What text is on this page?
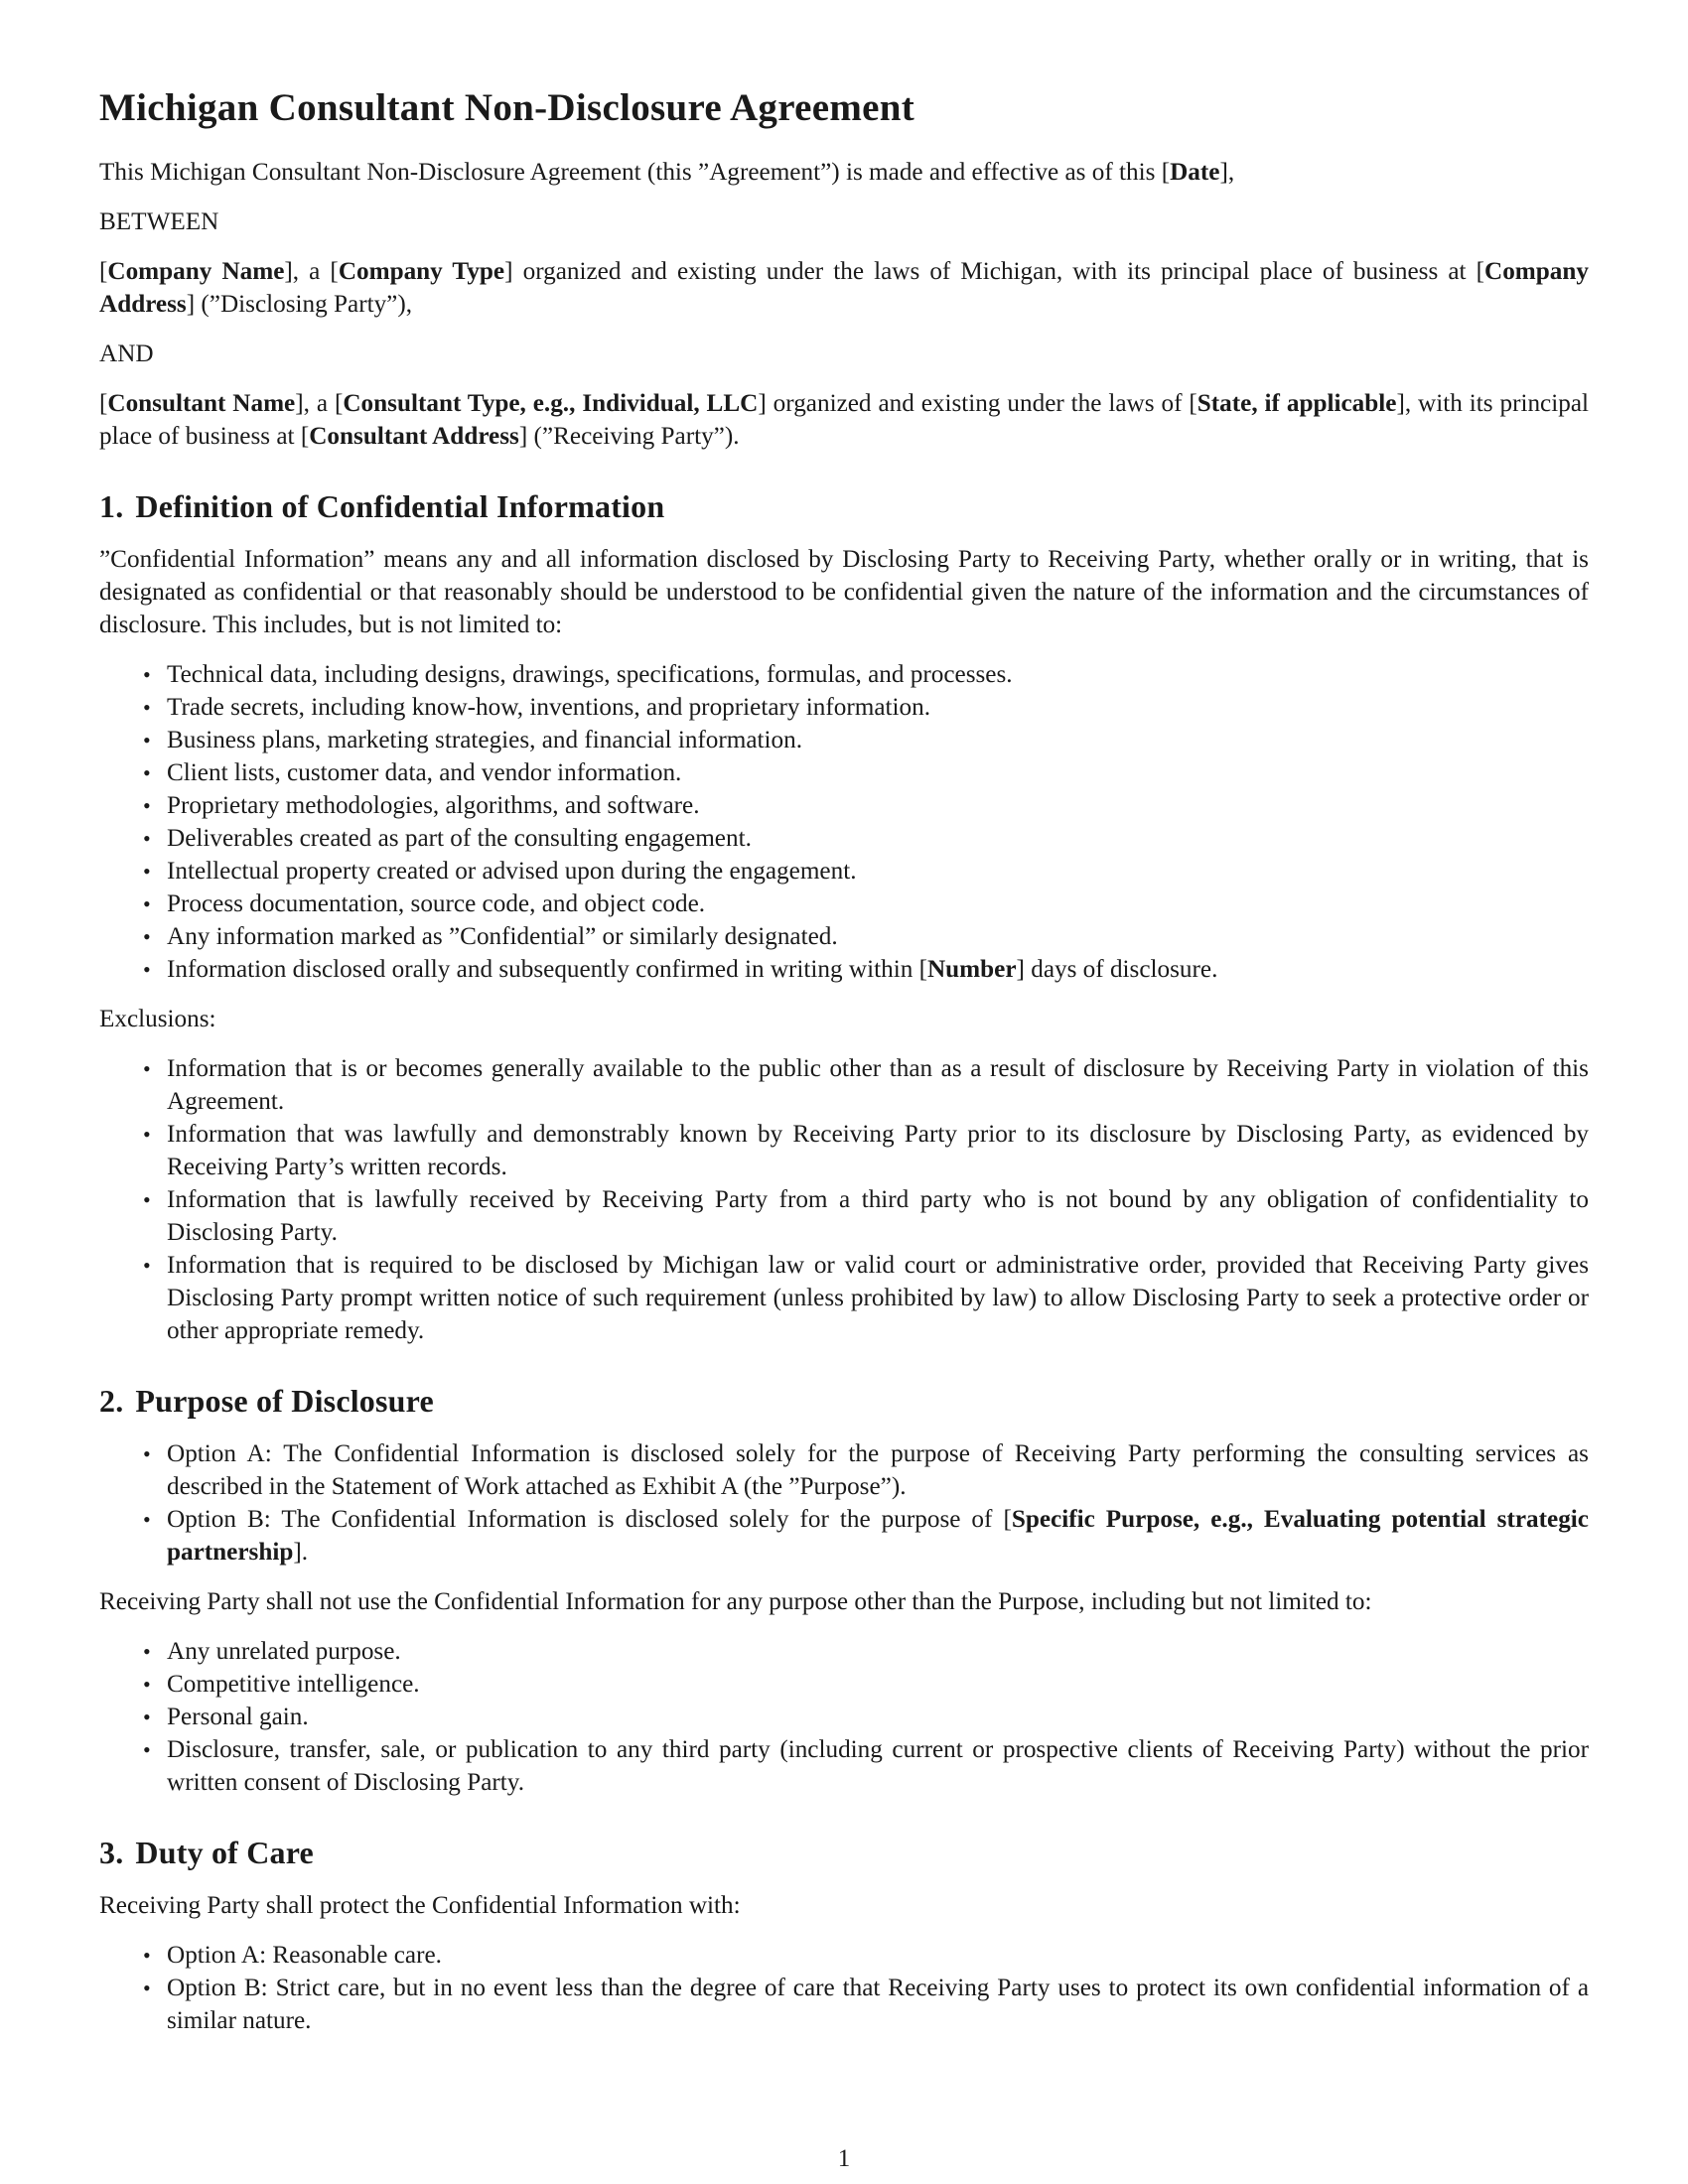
Michigan Consultant Non-Disclosure Agreement

This Michigan Consultant Non-Disclosure Agreement (this ”Agreement”) is made and effective as of this [Date],

BETWEEN

[Company Name], a [Company Type] organized and existing under the laws of Michigan, with its principal place of business at [Company Address] (”Disclosing Party”),

AND

[Consultant Name], a [Consultant Type, e.g., Individual, LLC] organized and existing under the laws of [State, if applicable], with its principal place of business at [Consultant Address] (”Receiving Party”).

1. Definition of Confidential Information

”Confidential Information” means any and all information disclosed by Disclosing Party to Receiving Party, whether orally or in writing, that is designated as confidential or that reasonably should be understood to be confidential given the nature of the information and the circumstances of disclosure. This includes, but is not limited to:

• Technical data, including designs, drawings, specifications, formulas, and processes.
• Trade secrets, including know-how, inventions, and proprietary information.
• Business plans, marketing strategies, and financial information.
• Client lists, customer data, and vendor information.
• Proprietary methodologies, algorithms, and software.
• Deliverables created as part of the consulting engagement.
• Intellectual property created or advised upon during the engagement.
• Process documentation, source code, and object code.
• Any information marked as ”Confidential” or similarly designated.
• Information disclosed orally and subsequently confirmed in writing within [Number] days of disclosure.

Exclusions:

• Information that is or becomes generally available to the public other than as a result of disclosure by Receiving Party in violation of this Agreement.
• Information that was lawfully and demonstrably known by Receiving Party prior to its disclosure by Disclosing Party, as evidenced by Receiving Party’s written records.
• Information that is lawfully received by Receiving Party from a third party who is not bound by any obligation of confidentiality to Disclosing Party.
• Information that is required to be disclosed by Michigan law or valid court or administrative order, provided that Receiving Party gives Disclosing Party prompt written notice of such requirement (unless prohibited by law) to allow Disclosing Party to seek a protective order or other appropriate remedy.
2. Purpose of Disclosure
• Option A: The Confidential Information is disclosed solely for the purpose of Receiving Party performing the consulting services as described in the Statement of Work attached as Exhibit A (the ”Purpose”).
• Option B: The Confidential Information is disclosed solely for the purpose of [Specific Purpose, e.g., Evaluating potential strategic partnership].

Receiving Party shall not use the Confidential Information for any purpose other than the Purpose, including but not limited to:

• Any unrelated purpose.
• Competitive intelligence.
• Personal gain.
• Disclosure, transfer, sale, or publication to any third party (including current or prospective clients of Receiving Party) without the prior written consent of Disclosing Party.
3. Duty of Care

Receiving Party shall protect the Confidential Information with:

• Option A: Reasonable care.
• Option B: Strict care, but in no event less than the degree of care that Receiving Party uses to protect its own confidential information of a similar nature.
1
